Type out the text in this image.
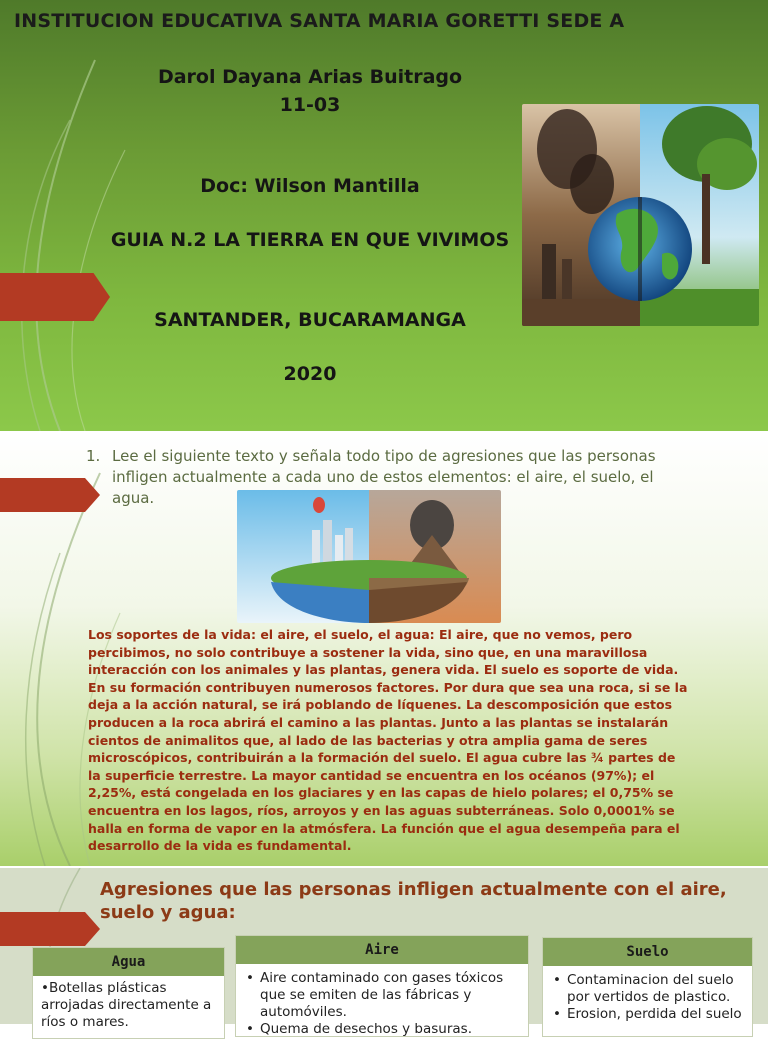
INSTITUCION EDUCATIVA SANTA MARIA GORETTI SEDE A
Darol Dayana Arias Buitrago
11-03
Doc: Wilson Mantilla
GUIA N.2 LA TIERRA EN QUE VIVIMOS
SANTANDER, BUCARAMANGA
2020
1. Lee el siguiente texto y señala todo tipo de agresiones que las personas infligen actualmente a cada uno de estos elementos: el aire, el suelo, el agua.
Los soportes de la vida: el aire, el suelo, el agua: El aire, que no vemos, pero percibimos, no solo contribuye a sostener la vida, sino que, en una maravillosa interacción con los animales y las plantas, genera vida. El suelo es soporte de vida. En su formación contribuyen numerosos factores. Por dura que sea una roca, si se la deja a la acción natural, se irá poblando de líquenes. La descomposición que estos producen a la roca abrirá el camino a las plantas. Junto a las plantas se instalarán cientos de animalitos que, al lado de las bacterias y otra amplia gama de seres microscópicos, contribuirán a la formación del suelo. El agua cubre las ¾ partes de la superficie terrestre. La mayor cantidad se encuentra en los océanos (97%); el 2,25%, está congelada en los glaciares y en las capas de hielo polares; el 0,75% se encuentra en los lagos, ríos, arroyos y en las aguas subterráneas. Solo 0,0001% se halla en forma de vapor en la atmósfera. La función que el agua desempeña para el desarrollo de la vida es fundamental.
Agresiones que las personas infligen actualmente con el aire, suelo y agua:
Agua
•Botellas plásticas arrojadas directamente a ríos o mares.
Aire
• Aire contaminado con gases tóxicos que se emiten de las fábricas y automóviles.
• Quema de desechos y basuras.
Suelo
• Contaminacion del suelo por vertidos de plastico.
• Erosion, perdida del suelo
